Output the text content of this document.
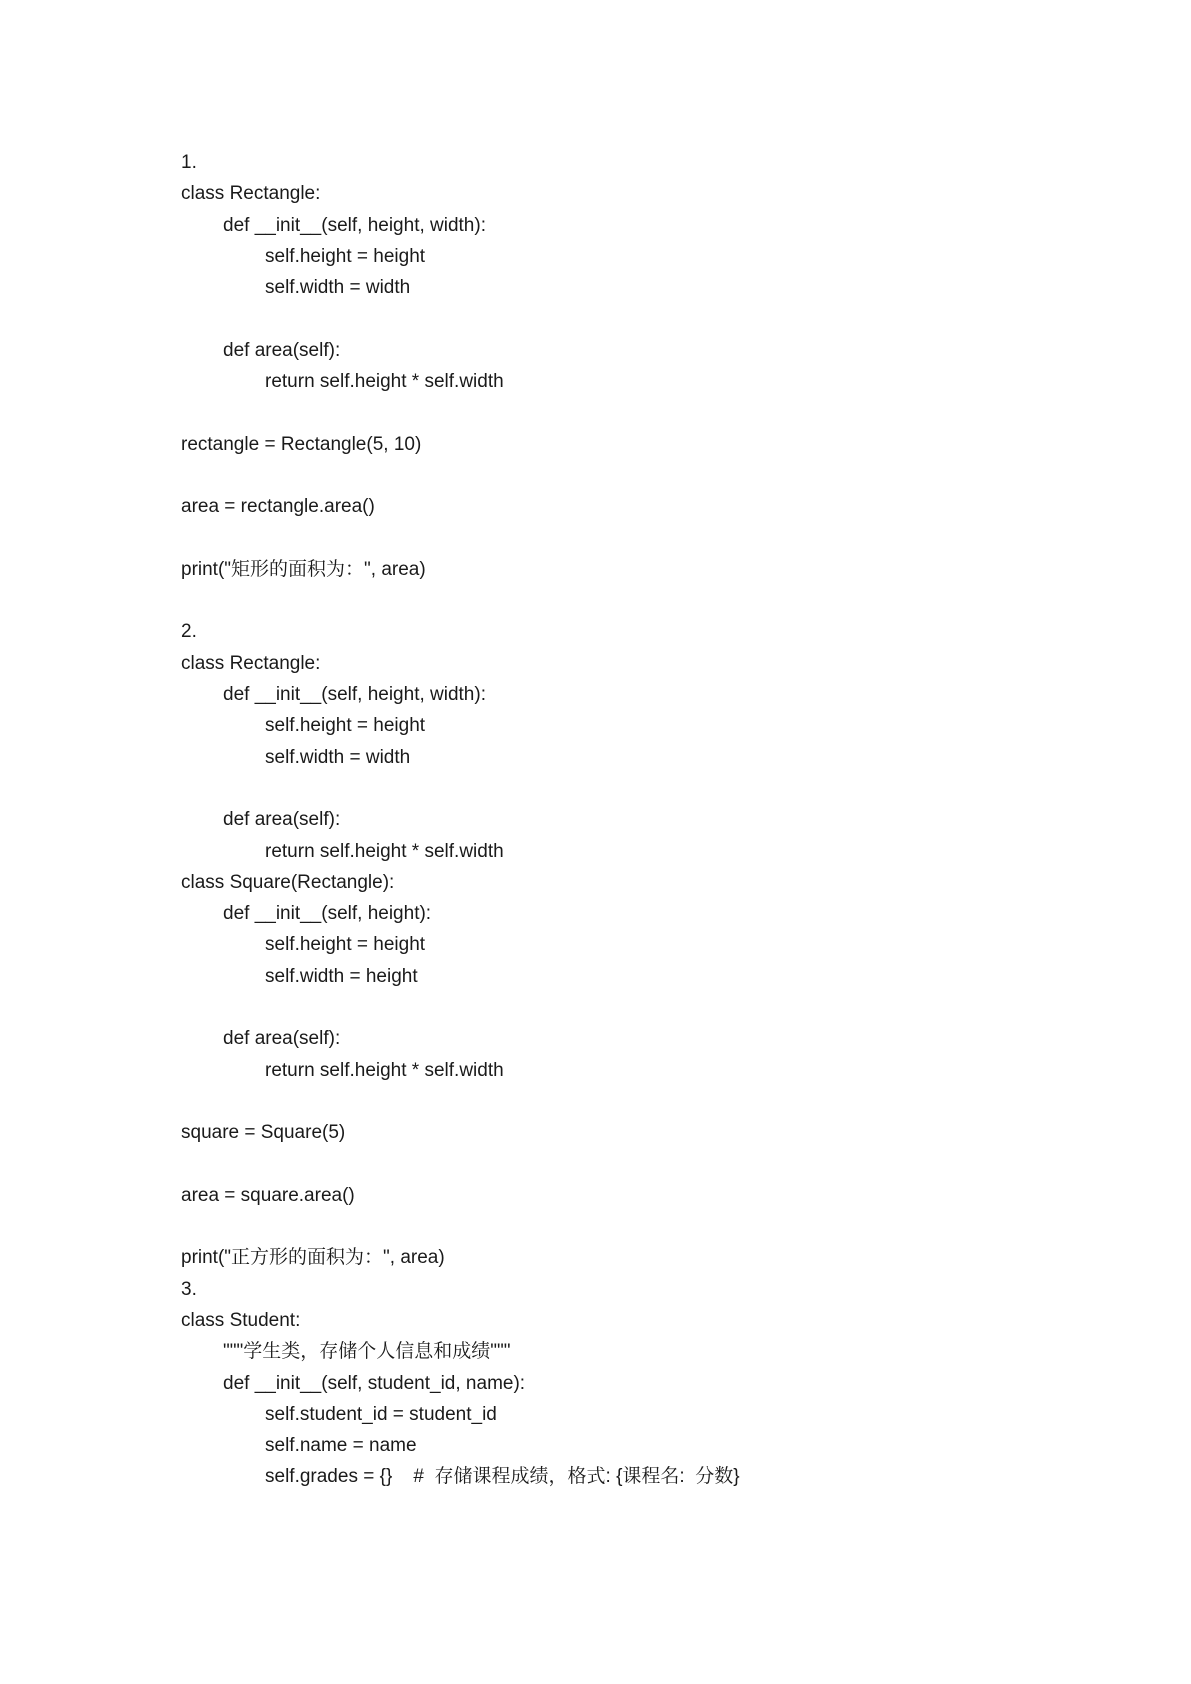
1.
class Rectangle:
def __init__(self, height, width):
self.height = height
self.width = width
def area(self):
return self.height * self.width
rectangle = Rectangle(5, 10)
area = rectangle.area()
print("矩形的面积为：", area)
2.
class Rectangle:
def __init__(self, height, width):
self.height = height
self.width = width
def area(self):
return self.height * self.width
class Square(Rectangle):
def __init__(self, height):
self.height = height
self.width = height
def area(self):
return self.height * self.width
square = Square(5)
area = square.area()
print("正方形的面积为：", area)
3.
class Student:
"""学生类，存储个人信息和成绩"""
def __init__(self, student_id, name):
self.student_id = student_id
self.name = name
self.grades = {}    #  存储课程成绩，格式: {课程名:  分数}
